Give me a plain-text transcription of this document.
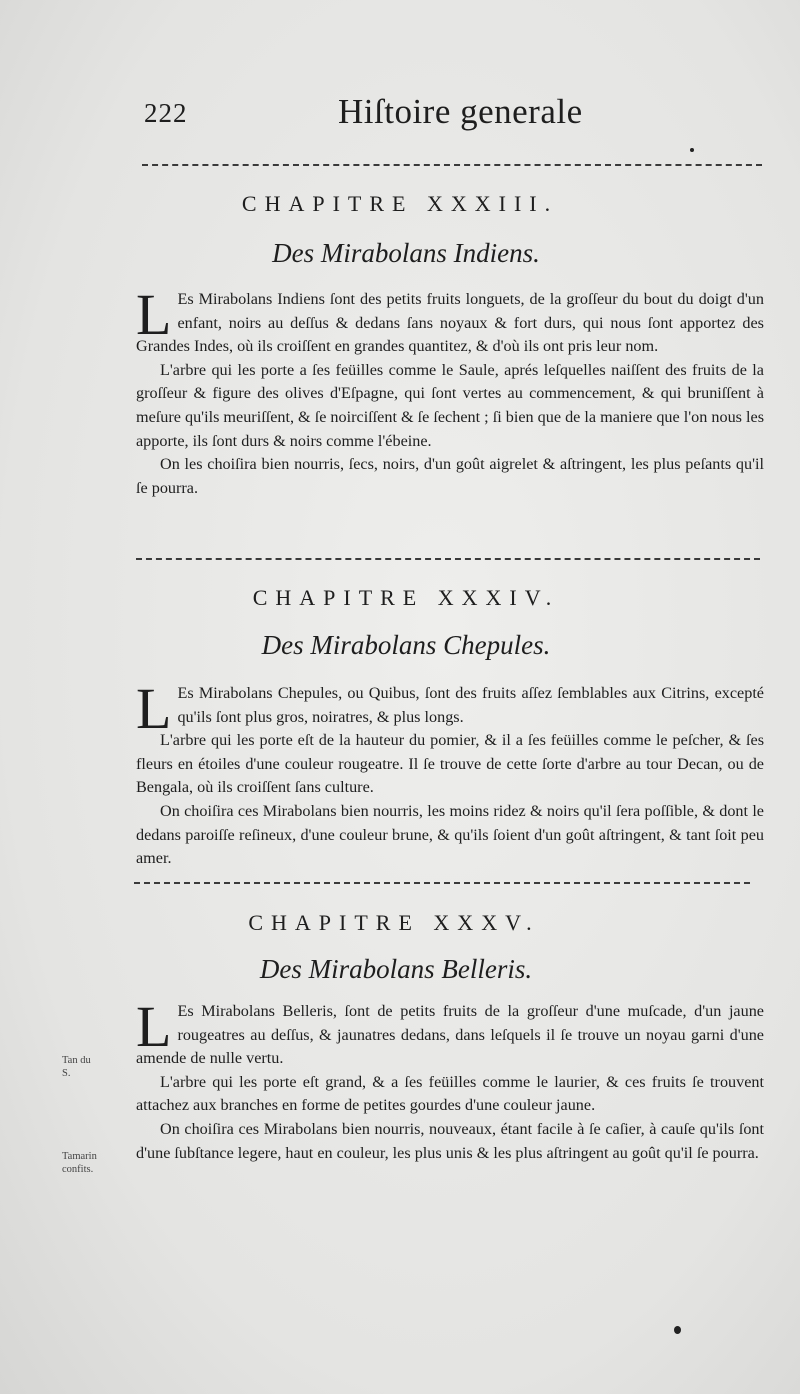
222	Hiſtoire generale
CHAPITRE XXXIII.
Des Mirabolans Indiens.

L Es Mirabolans Indiens ſont des petits fruits longuets, de la groſſeur du bout du doigt d'un enfant, noirs au deſſus & dedans ſans noyaux & fort durs, qui nous ſont apportez des Grandes Indes, où ils croiſſent en grandes quantitez, & d'où ils ont pris leur nom.

L'arbre qui les porte a ſes feüilles comme le Saule, aprés leſquelles naiſſent des fruits de la groſſeur & figure des olives d'Eſpagne, qui ſont vertes au commencement, & qui bruniſſent à meſure qu'ils meuriſſent, & ſe noirciſſent & ſe ſechent ; ſi bien que de la maniere que l'on nous les apporte, ils ſont durs & noirs comme l'ébeine.

On les choiſira bien nourris, ſecs, noirs, d'un goût aigrelet & aſtringent, les plus peſants qu'il ſe pourra.

CHAPITRE XXXIV.
Des Mirabolans Chepules.

L Es Mirabolans Chepules, ou Quibus, ſont des fruits aſſez ſemblables aux Citrins, excepté qu'ils ſont plus gros, noiratres, & plus longs.

L'arbre qui les porte eſt de la hauteur du pomier, & il a ſes feüilles comme le peſcher, & ſes fleurs en étoiles d'une couleur rougeatre. Il ſe trouve de cette ſorte d'arbre au tour Decan, ou de Bengala, où ils croiſſent ſans culture.

On choiſira ces Mirabolans bien nourris, les moins ridez & noirs qu'il ſera poſſible, & dont le dedans paroiſſe reſineux, d'une couleur brune, & qu'ils ſoient d'un goût aſtringent, & tant ſoit peu amer.

CHAPITRE XXXV.
Des Mirabolans Belleris.

L Es Mirabolans Belleris, ſont de petits fruits de la groſſeur d'une muſcade, d'un jaune rougeatres au deſſus, & jaunatres dedans, dans leſquels il ſe trouve un noyau garni d'une amende de nulle vertu.

L'arbre qui les porte eſt grand, & a ſes feüilles comme le laurier, & ces fruits ſe trouvent attachez aux branches en forme de petites gourdes d'une couleur jaune.

On choiſira ces Mirabolans bien nourris, nouveaux, étant facile à ſe caſier, à cauſe qu'ils ſont d'une ſubſtance legere, haut en couleur, les plus unis & les plus aſtringent au goût qu'il ſe pourra.

Tan du S.
Tamarin confits.
